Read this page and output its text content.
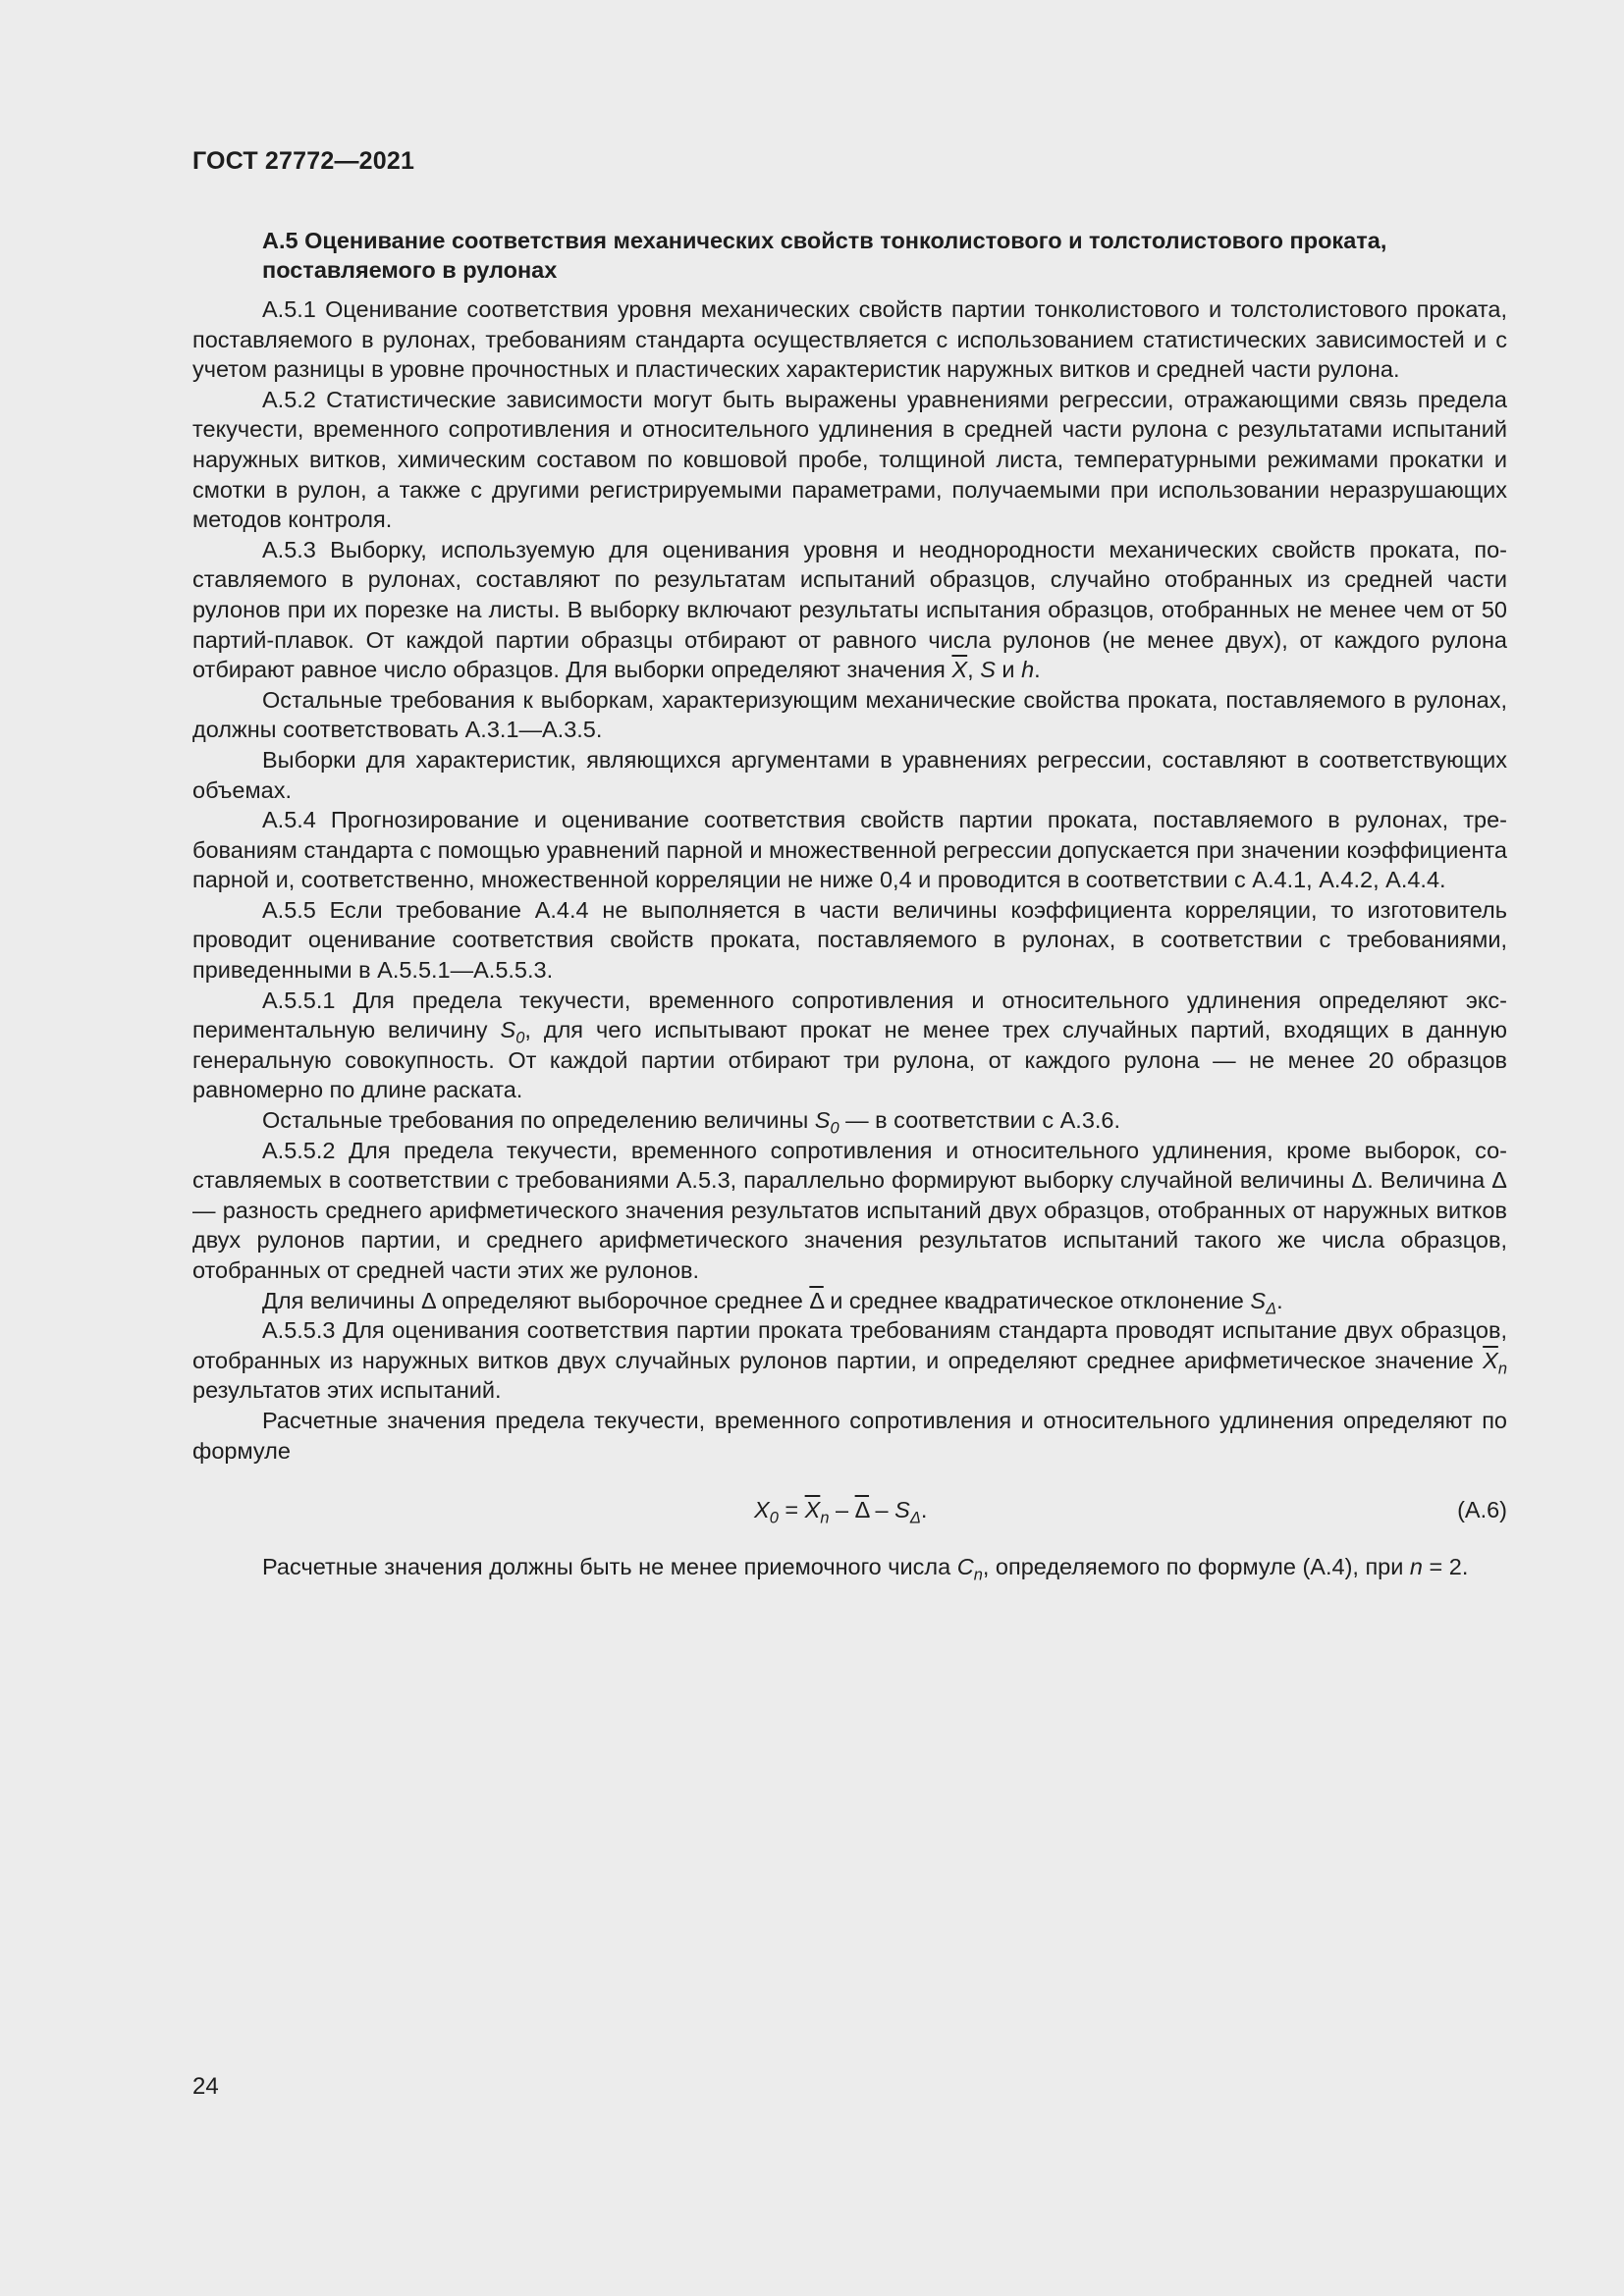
ГОСТ 27772—2021
А.5 Оценивание соответствия механических свойств тонколистового и толстолистового проката, поставляемого в рулонах

А.5.1 Оценивание соответствия уровня механических свойств партии тонколистового и толстолистового проката, поставляемого в рулонах, требованиям стандарта осуществляется с использованием статистических зависимостей и с учетом разницы в уровне прочностных и пластических характеристик наружных витков и средней части рулона.

А.5.2 Статистические зависимости могут быть выражены уравнениями регрессии, отражающими связь предела текучести, временного сопротивления и относительного удлинения в средней части рулона с результатами испытаний наружных витков, химическим составом по ковшовой пробе, толщиной листа, температурными режимами прокатки и смотки в рулон, а также с другими регистрируемыми параметрами, получаемыми при использовании неразрушающих методов контроля.

А.5.3 Выборку, используемую для оценивания уровня и неоднородности механических свойств проката, поставляемого в рулонах, составляют по результатам испытаний образцов, случайно отобранных из средней части рулонов при их порезке на листы. В выборку включают результаты испытания образцов, отобранных не менее чем от 50 партий-плавок. От каждой партии образцы отбирают от равного числа рулонов (не менее двух), от каждого рулона отбирают равное число образцов. Для выборки определяют значения $\overline{X}$, S и h.

Остальные требования к выборкам, характеризующим механические свойства проката, поставляемого в рулонах, должны соответствовать А.3.1—А.3.5.

Выборки для характеристик, являющихся аргументами в уравнениях регрессии, составляют в соответствующих объемах.

А.5.4 Прогнозирование и оценивание соответствия свойств партии проката, поставляемого в рулонах, требованиям стандарта с помощью уравнений парной и множественной регрессии допускается при значении коэффициента парной и, соответственно, множественной корреляции не ниже 0,4 и проводится в соответствии с А.4.1, А.4.2, А.4.4.

А.5.5 Если требование А.4.4 не выполняется в части величины коэффициента корреляции, то изготовитель проводит оценивание соответствия свойств проката, поставляемого в рулонах, в соответствии с требованиями, приведенными в А.5.5.1—А.5.5.3.

А.5.5.1 Для предела текучести, временного сопротивления и относительного удлинения определяют экспериментальную величину $S_0$, для чего испытывают прокат не менее трех случайных партий, входящих в данную генеральную совокупность. От каждой партии отбирают три рулона, от каждого рулона — не менее 20 образцов равномерно по длине раската.

Остальные требования по определению величины $S_0$ — в соответствии с А.3.6.

А.5.5.2 Для предела текучести, временного сопротивления и относительного удлинения, кроме выборок, составляемых в соответствии с требованиями А.5.3, параллельно формируют выборку случайной величины Δ. Величина Δ — разность среднего арифметического значения результатов испытаний двух образцов, отобранных от наружных витков двух рулонов партии, и среднего арифметического значения результатов испытаний такого же числа образцов, отобранных от средней части этих же рулонов.

Для величины Δ определяют выборочное среднее $\overline{\Delta}$ и среднее квадратическое отклонение $S_\Delta$.

А.5.5.3 Для оценивания соответствия партии проката требованиям стандарта проводят испытание двух образцов, отобранных из наружных витков двух случайных рулонов партии, и определяют среднее арифметическое значение $\overline{X}_n$ результатов этих испытаний.

Расчетные значения предела текучести, временного сопротивления и относительного удлинения определяют по формуле

$X_0 = \overline{X}_n - \overline{\Delta} - S_\Delta$.	(А.6)

Расчетные значения должны быть не менее приемочного числа $C_n$, определяемого по формуле (А.4), при n = 2.

24
